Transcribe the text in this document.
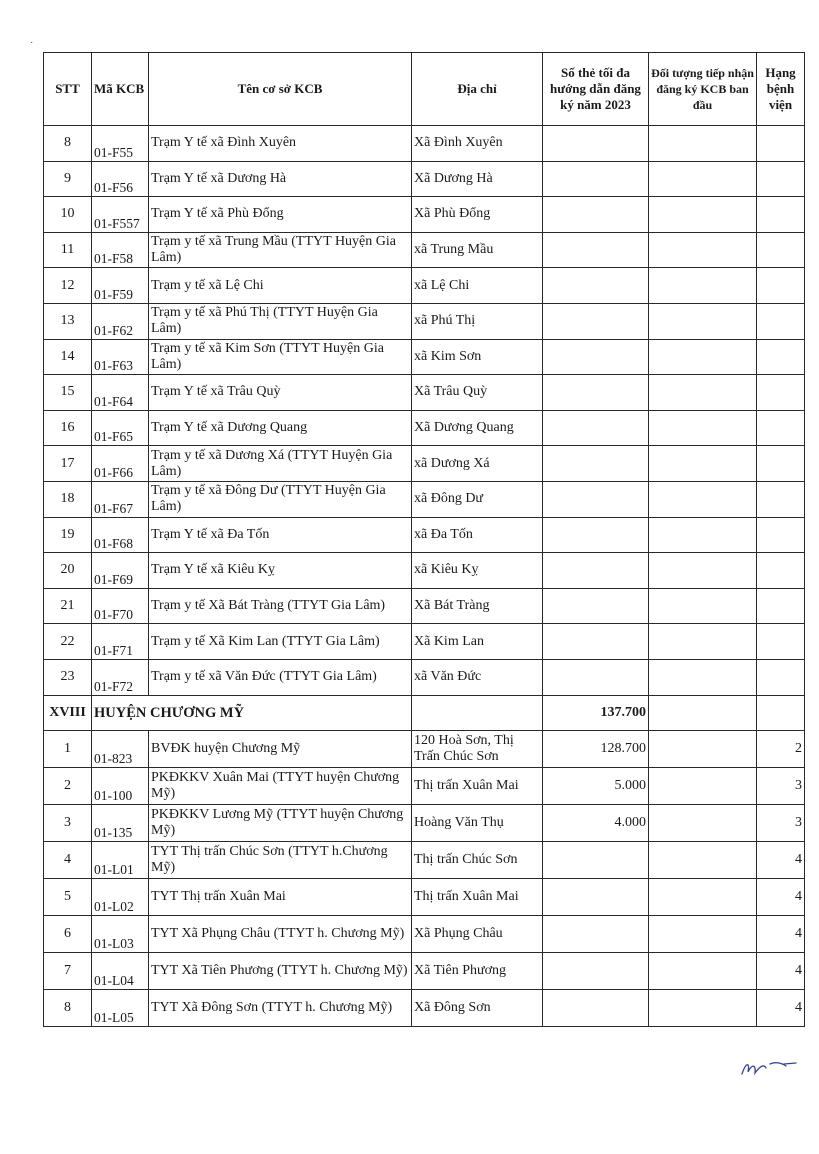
·
STT	Mã KCB	Tên cơ sở KCB	Địa chỉ	Số thẻ tối đa hướng dẫn đăng ký năm 2023	Đối tượng tiếp nhận đăng ký KCB ban đầu	Hạng bệnh viện
8	01-F55	Trạm Y tế xã Đình Xuyên	Xã Đình Xuyên			
9	01-F56	Trạm Y tế xã Dương Hà	Xã Dương Hà			
10	01-F557	Trạm Y tế xã Phù Đổng	Xã Phù Đổng			
11	01-F58	Trạm y tế xã Trung Mầu (TTYT Huyện Gia Lâm)	xã Trung Mầu			
12	01-F59	Trạm y tế xã Lệ Chi	xã Lệ Chi			
13	01-F62	Trạm y tế xã Phú Thị (TTYT Huyện Gia Lâm)	xã Phú Thị			
14	01-F63	Trạm y tế xã Kim Sơn (TTYT Huyện Gia Lâm)	xã Kim Sơn			
15	01-F64	Trạm Y tế xã Trâu Quỳ	Xã Trâu Quỳ			
16	01-F65	Trạm Y tế xã Dương Quang	Xã Dương Quang			
17	01-F66	Trạm y tế xã Dương Xá (TTYT Huyện Gia Lâm)	xã Dương Xá			
18	01-F67	Trạm y tế xã Đông Dư (TTYT Huyện Gia Lâm)	xã Đông Dư			
19	01-F68	Trạm Y tế xã Đa Tốn	xã Đa Tốn			
20	01-F69	Trạm Y tế xã Kiêu Kỵ	xã Kiêu Kỵ			
21	01-F70	Trạm y tế Xã Bát Tràng (TTYT Gia Lâm)	Xã Bát Tràng			
22	01-F71	Trạm y tế Xã Kim Lan (TTYT Gia Lâm)	Xã Kim Lan			
23	01-F72	Trạm y tế xã Văn Đức (TTYT Gia Lâm)	xã Văn Đức			
XVIII	HUYỆN CHƯƠNG MỸ			137.700		
1	01-823	BVĐK huyện Chương Mỹ	120 Hoà Sơn, Thị Trấn Chúc Sơn	128.700		2
2	01-100	PKĐKKV Xuân Mai (TTYT huyện Chương Mỹ)	Thị trấn Xuân Mai	5.000		3
3	01-135	PKĐKKV Lương Mỹ (TTYT huyện Chương Mỹ)	Hoàng Văn Thụ	4.000		3
4	01-L01	TYT Thị trấn Chúc Sơn (TTYT h.Chương Mỹ)	Thị trấn Chúc Sơn			4
5	01-L02	TYT Thị trấn Xuân Mai	Thị trấn Xuân Mai			4
6	01-L03	TYT Xã Phụng Châu (TTYT h. Chương Mỹ)	Xã Phụng Châu			4
7	01-L04	TYT Xã Tiên Phương (TTYT h. Chương Mỹ)	Xã Tiên Phương			4
8	01-L05	TYT Xã Đông Sơn (TTYT h. Chương Mỹ)	Xã Đông Sơn			4
